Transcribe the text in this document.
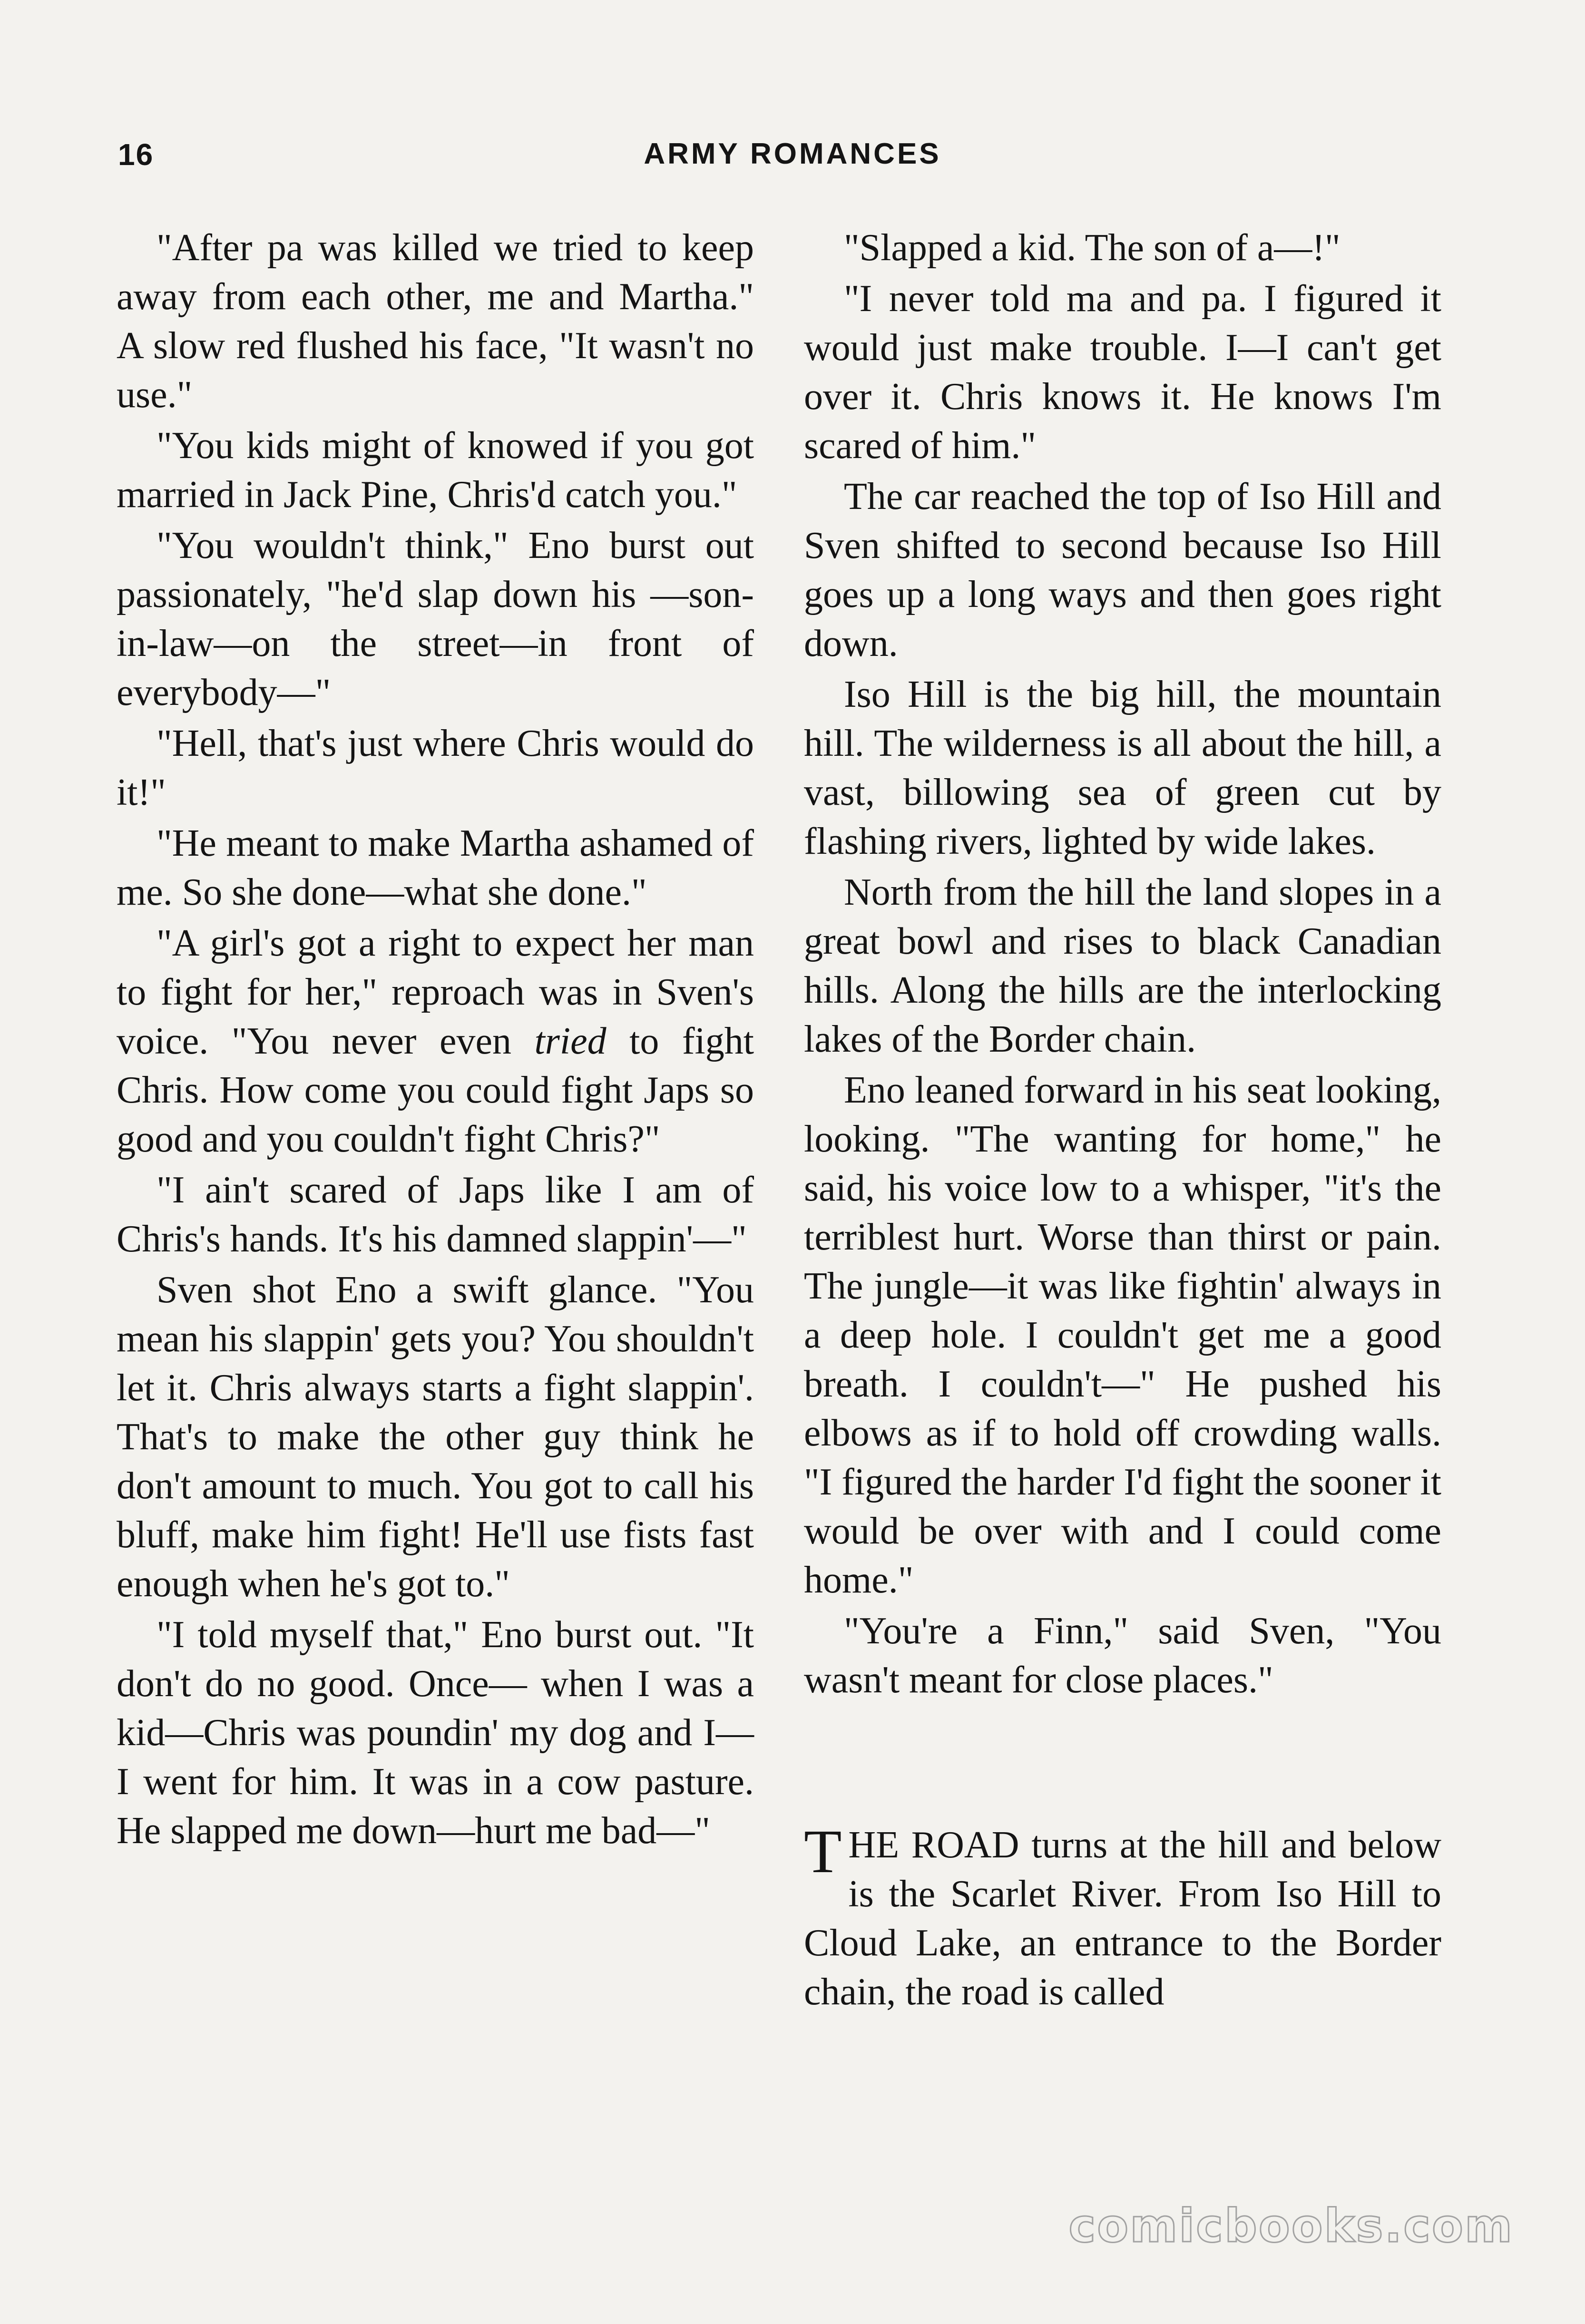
16	ARMY ROMANCES

"After pa was killed we tried to keep away from each other, me and Martha." A slow red flushed his face, "It wasn't no use."

"You kids might of knowed if you got married in Jack Pine, Chris'd catch you."

"You wouldn't think," Eno burst out passionately, "he'd slap down his —son-in-law—on the street—in front of everybody—"

"Hell, that's just where Chris would do it!"

"He meant to make Martha ashamed of me. So she done—what she done."

"A girl's got a right to expect her man to fight for her," reproach was in Sven's voice. "You never even tried to fight Chris. How come you could fight Japs so good and you couldn't fight Chris?"

"I ain't scared of Japs like I am of Chris's hands. It's his damned slappin'—"

Sven shot Eno a swift glance. "You mean his slappin' gets you? You shouldn't let it. Chris always starts a fight slappin'. That's to make the other guy think he don't amount to much. You got to call his bluff, make him fight! He'll use fists fast enough when he's got to."

"I told myself that," Eno burst out. "It don't do no good. Once— when I was a kid—Chris was poundin' my dog and I—I went for him. It was in a cow pasture. He slapped me down—hurt me bad—"

"Slapped a kid. The son of a—!"

"I never told ma and pa. I figured it would just make trouble. I—I can't get over it. Chris knows it. He knows I'm scared of him."

The car reached the top of Iso Hill and Sven shifted to second because Iso Hill goes up a long ways and then goes right down.

Iso Hill is the big hill, the mountain hill. The wilderness is all about the hill, a vast, billowing sea of green cut by flashing rivers, lighted by wide lakes.

North from the hill the land slopes in a great bowl and rises to black Canadian hills. Along the hills are the interlocking lakes of the Border chain.

Eno leaned forward in his seat looking, looking. "The wanting for home," he said, his voice low to a whisper, "it's the terriblest hurt. Worse than thirst or pain. The jungle—it was like fightin' always in a deep hole. I couldn't get me a good breath. I couldn't—" He pushed his elbows as if to hold off crowding walls. "I figured the harder I'd fight the sooner it would be over with and I could come home."

"You're a Finn," said Sven, "You wasn't meant for close places."

THE ROAD turns at the hill and below is the Scarlet River. From Iso Hill to Cloud Lake, an entrance to the Border chain, the road is called

comicbooks.com
